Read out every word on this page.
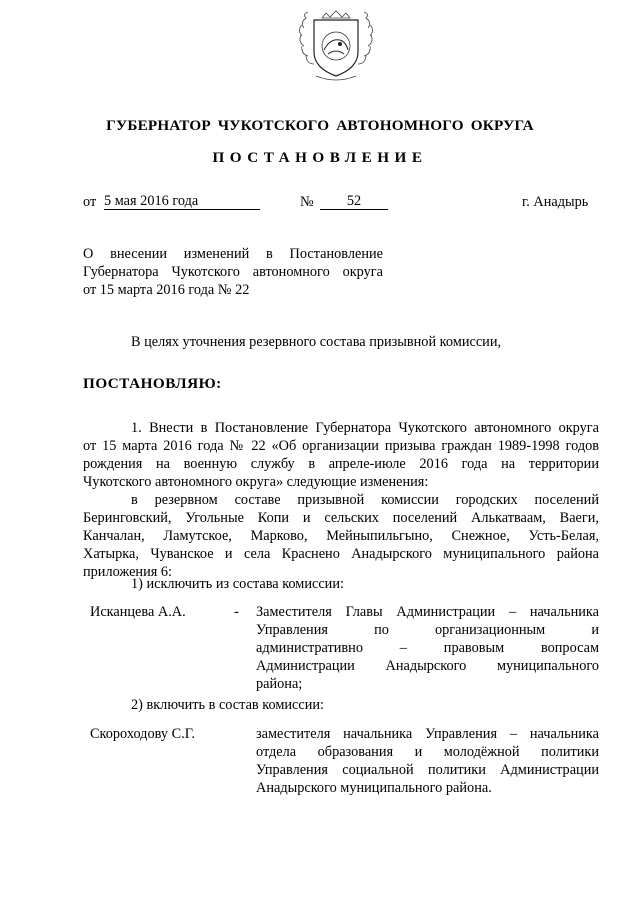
ГУБЕРНАТОР ЧУКОТСКОГО АВТОНОМНОГО ОКРУГА
ПОСТАНОВЛЕНИЕ
от 5 мая 2016 года	№	52	г. Анадырь
О внесении изменений в Постановление
Губернатора Чукотского автономного округа
от 15 марта 2016 года № 22
В целях уточнения резервного состава призывной комиссии,
ПОСТАНОВЛЯЮ:
1. Внести в Постановление Губернатора Чукотского автономного округа
от 15 марта 2016 года № 22 «Об организации призыва граждан 1989-1998 годов
рождения на военную службу в апреле-июле 2016 года на территории
Чукотского автономного округа» следующие изменения:
в резервном составе призывной комиссии городских поселений
Беринговский, Угольные Копи и сельских поселений Алькатваам, Ваеги,
Канчалан, Ламутское, Марково, Мейныпильгыно, Снежное, Усть-Белая,
Хатырка, Чуванское и села Краснено Анадырского муниципального района
приложения 6:
1) исключить из состава комиссии:
Исканцева А.А.	- Заместителя Главы Администрации – начальника
Управления по организационным и
административно – правовым вопросам
Администрации Анадырского муниципального
района;
2) включить в состав комиссии:
Скороходову С.Г.	заместителя начальника Управления – начальника
отдела образования и молодёжной политики
Управления социальной политики Администрации
Анадырского муниципального района.
